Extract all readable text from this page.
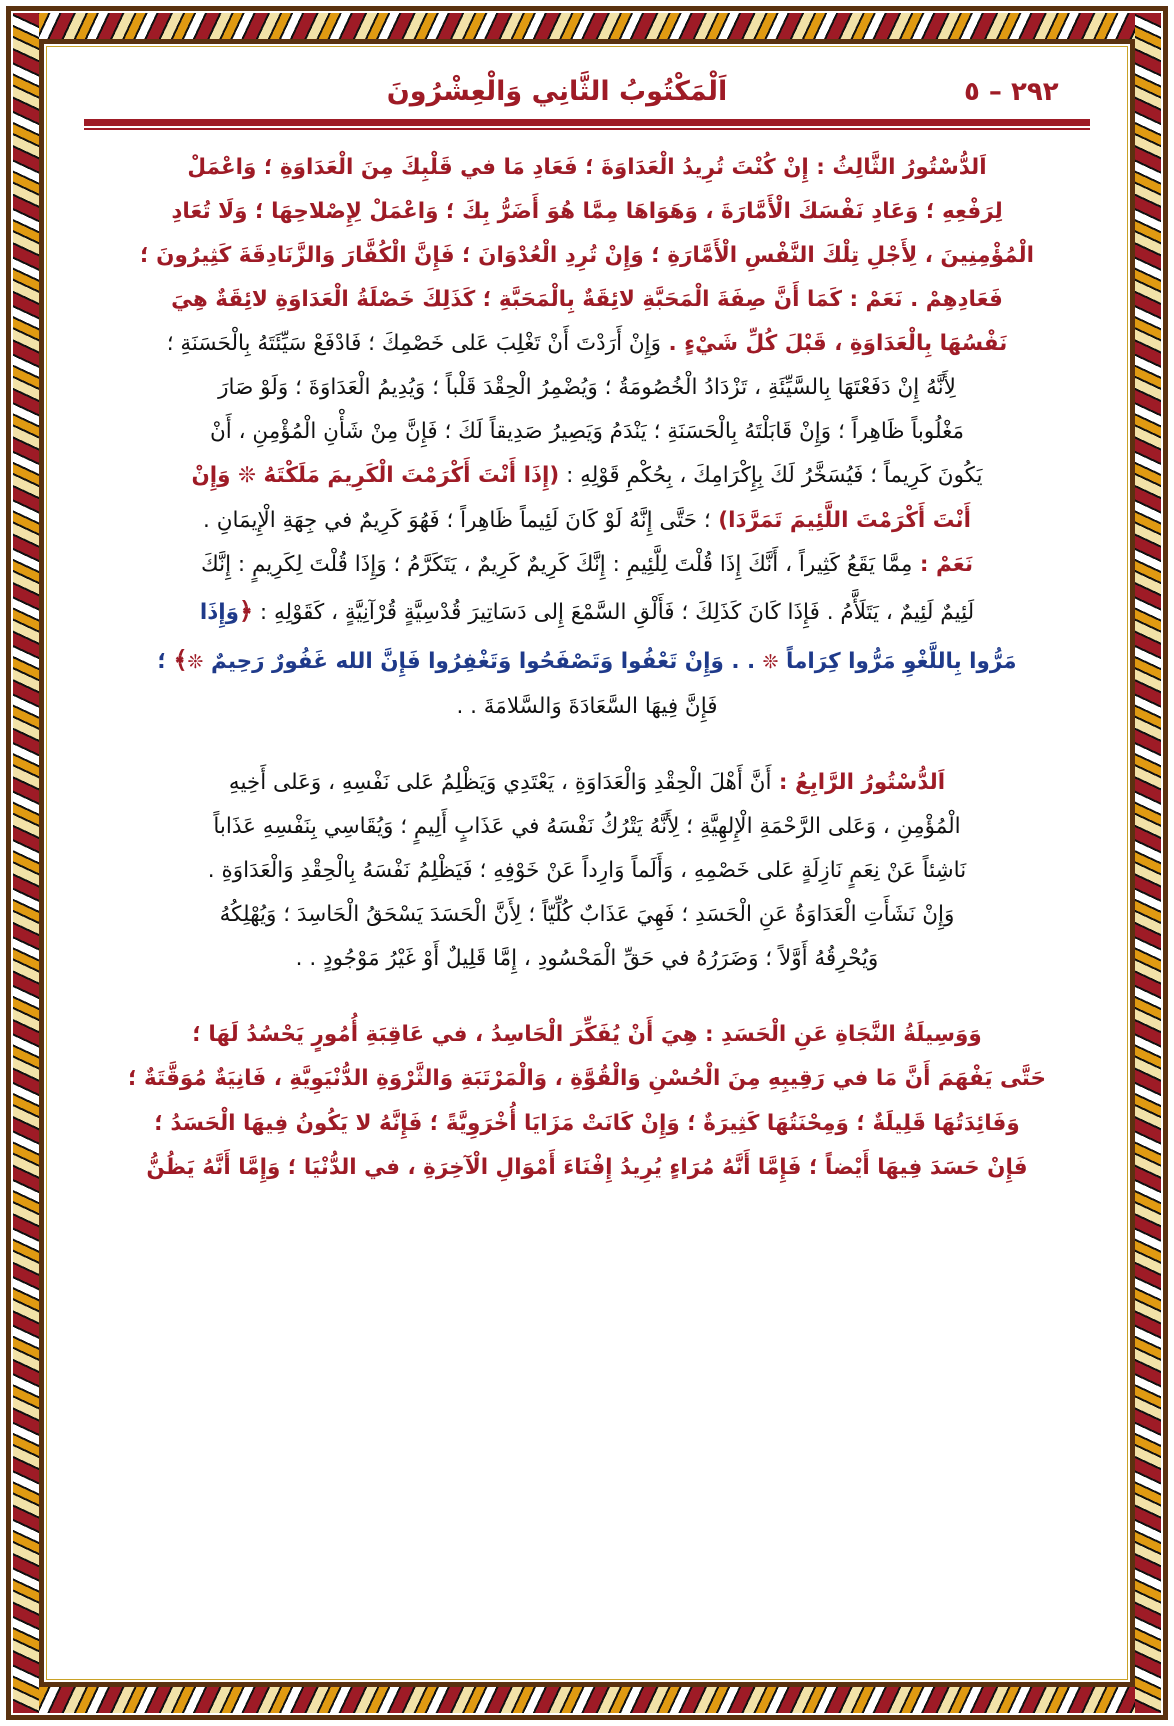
٢٩٢ – ٥
اَلْمَكْتُوبُ الثَّانِي وَالْعِشْرُونَ
اَلدُّسْتُورُ الثَّالِثُ : إِنْ كُنْتَ تُرِيدُ الْعَدَاوَةَ ؛ فَعَادِ مَا في قَلْبِكَ مِنَ الْعَدَاوَةِ ؛ وَاعْمَلْ
لِرَفْعِهِ ؛ وَعَادِ نَفْسَكَ الْأَمَّارَةَ ، وَهَوَاهَا مِمَّا هُوَ أَضَرُّ بِكَ ؛ وَاعْمَلْ لِإِصْلاحِهَا ؛ وَلَا تُعَادِ
الْمُؤْمِنِينَ ، لِأَجْلِ تِلْكَ النَّفْسِ الْأَمَّارَةِ ؛ وَإِنْ تُرِدِ الْعُدْوَانَ ؛ فَإِنَّ الْكُفَّارَ وَالزَّنَادِقَةَ كَثِيرُونَ ؛
فَعَادِهِمْ . نَعَمْ : كَمَا أَنَّ صِفَةَ الْمَحَبَّةِ لائِقَةٌ بِالْمَحَبَّةِ ؛ كَذَلِكَ خَصْلَةُ الْعَدَاوَةِ لائِقَةٌ هِيَ
نَفْسُهَا بِالْعَدَاوَةِ ، قَبْلَ كُلِّ شَيْءٍ . وَإِنْ أَرَدْتَ أَنْ تَغْلِبَ عَلى خَصْمِكَ ؛ فَادْفَعْ سَيِّئَتَهُ بِالْحَسَنَةِ ؛
لِأَنَّهُ إِنْ دَفَعْتَهَا بِالسَّيِّئَةِ ، تَزْدَادُ الْخُصُومَةُ ؛ وَيُضْمِرُ الْحِقْدَ قَلْباً ؛ وَيُدِيمُ الْعَدَاوَةَ ؛ وَلَوْ صَارَ
مَغْلُوباً ظَاهِراً ؛ وَإِنْ قَابَلْتَهُ بِالْحَسَنَةِ ؛ يَنْدَمُ وَيَصِيرُ صَدِيقاً لَكَ ؛ فَإِنَّ مِنْ شَأْنِ الْمُؤْمِنِ ، أَنْ
يَكُونَ كَرِيماً ؛ فَيُسَخَّرُ لَكَ بِإِكْرَامِكَ ، بِحُكْمِ قَوْلِهِ : (إِذَا أَنْتَ أَكْرَمْتَ الْكَرِيمَ مَلَكْتَهُ ❊ وَإِنْ
أَنْتَ أَكْرَمْتَ اللَّئِيمَ تَمَرَّدَا) ؛ حَتَّى إِنَّهُ لَوْ كَانَ لَئِيماً ظَاهِراً ؛ فَهُوَ كَرِيمٌ في جِهَةِ الْإِيمَانِ .
نَعَمْ : مِمَّا يَقَعُ كَثِيراً ، أَنَّكَ إِذَا قُلْتَ لِلَّئِيمِ : إِنَّكَ كَرِيمٌ كَرِيمٌ ، يَتَكَرَّمُ ؛ وَإِذَا قُلْتَ لِكَرِيمٍ : إِنَّكَ
لَئِيمٌ لَئِيمٌ ، يَتَلَأَّمُ . فَإِذَا كَانَ كَذَلِكَ ؛ فَأَلْقِ السَّمْعَ إِلى دَسَاتِيرَ قُدْسِيَّةٍ قُرْآنِيَّةٍ ، كَقَوْلِهِ : ﴿وَإِذَا
مَرُّوا بِاللَّغْوِ مَرُّوا كِرَاماً ❊ . . وَإِنْ تَعْفُوا وَتَصْفَحُوا وَتَغْفِرُوا فَإِنَّ الله غَفُورٌ رَحِيمٌ ❊﴾ ؛
فَإِنَّ فِيهَا السَّعَادَةَ وَالسَّلامَةَ . .
اَلدُّسْتُورُ الرَّابِعُ : أَنَّ أَهْلَ الْحِقْدِ وَالْعَدَاوَةِ ، يَعْتَدِي وَيَظْلِمُ عَلى نَفْسِهِ ، وَعَلى أَخِيهِ
الْمُؤْمِنِ ، وَعَلى الرَّحْمَةِ الْإِلهِيَّةِ ؛ لِأَنَّهُ يَتْرُكُ نَفْسَهُ في عَذَابٍ أَلِيمٍ ؛ وَيُقَاسِي بِنَفْسِهِ عَذَاباً
نَاشِئاً عَنْ نِعَمٍ نَازِلَةٍ عَلى خَصْمِهِ ، وَأَلَماً وَارِداً عَنْ خَوْفِهِ ؛ فَيَظْلِمُ نَفْسَهُ بِالْحِقْدِ وَالْعَدَاوَةِ .
وَإِنْ نَشَأَتِ الْعَدَاوَةُ عَنِ الْحَسَدِ ؛ فَهِيَ عَذَابٌ كُلِّيّاً ؛ لِأَنَّ الْحَسَدَ يَسْحَقُ الْحَاسِدَ ؛ وَيُهْلِكُهُ
وَيُحْرِقُهُ أَوَّلاً ؛ وَضَرَرُهُ في حَقِّ الْمَحْسُودِ ، إِمَّا قَلِيلٌ أَوْ غَيْرُ مَوْجُودٍ . .
وَوَسِيلَةُ النَّجَاةِ عَنِ الْحَسَدِ : هِيَ أَنْ يُفَكِّرَ الْحَاسِدُ ، في عَاقِبَةِ أُمُورٍ يَحْسُدُ لَهَا ؛
حَتَّى يَفْهَمَ أَنَّ مَا في رَقِيبِهِ مِنَ الْحُسْنِ وَالْقُوَّةِ ، وَالْمَرْتَبَةِ وَالثَّرْوَةِ الدُّنْيَوِيَّةِ ، فَانِيَةٌ مُوَقَّتَةٌ ؛
وَفَائِدَتُهَا قَلِيلَةٌ ؛ وَمِحْنَتُهَا كَثِيرَةٌ ؛ وَإِنْ كَانَتْ مَزَايَا أُخْرَوِيَّةً ؛ فَإِنَّهُ لا يَكُونُ فِيهَا الْحَسَدُ ؛
فَإِنْ حَسَدَ فِيهَا أَيْضاً ؛ فَإِمَّا أَنَّهُ مُرَاءٍ يُرِيدُ إِفْنَاءَ أَمْوَالِ الْآخِرَةِ ، في الدُّنْيَا ؛ وَإِمَّا أَنَّهُ يَظُنُّ
